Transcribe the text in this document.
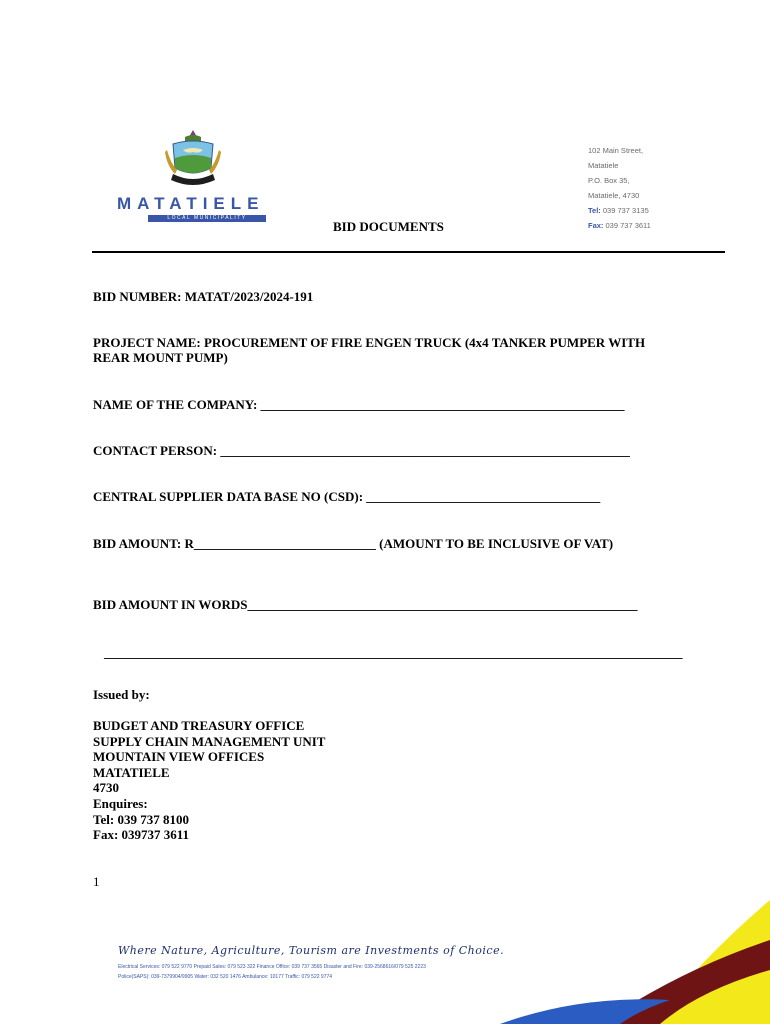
MATATIELE
LOCAL MUNICIPALITY
102 Main Street,
Matatiele
P.O. Box 35,
Matatiele, 4730
Tel: 039 737 3135
Fax: 039 737 3611
BID DOCUMENTS
BID NUMBER: MATAT/2023/2024-191
PROJECT NAME: PROCUREMENT OF FIRE ENGEN TRUCK (4x4 TANKER PUMPER WITH
REAR MOUNT PUMP)
NAME OF THE COMPANY: ________________________________________________________
CONTACT PERSON: _______________________________________________________________
CENTRAL SUPPLIER DATA BASE NO (CSD): ____________________________________
BID AMOUNT: R____________________________ (AMOUNT TO BE INCLUSIVE OF VAT)
BID AMOUNT IN WORDS____________________________________________________________
_________________________________________________________________________________________
Issued by:
BUDGET AND TREASURY OFFICE
SUPPLY CHAIN MANAGEMENT UNIT
MOUNTAIN VIEW OFFICES
MATATIELE
4730
Enquires:
Tel: 039 737 8100
Fax: 039737 3611
1
Where Nature, Agriculture, Tourism are Investments of Choice.
Electrical Services: 079 522 9770 Prepaid Sales: 079 523 322 Finance Office: 039 737 3565 Disaster and Fire: 039-2568616/079 525 2223
Police(SAPS): 039-7379904/9905 Water: 032 520 1476 Ambulance: 10177 Traffic: 079 522 9774
